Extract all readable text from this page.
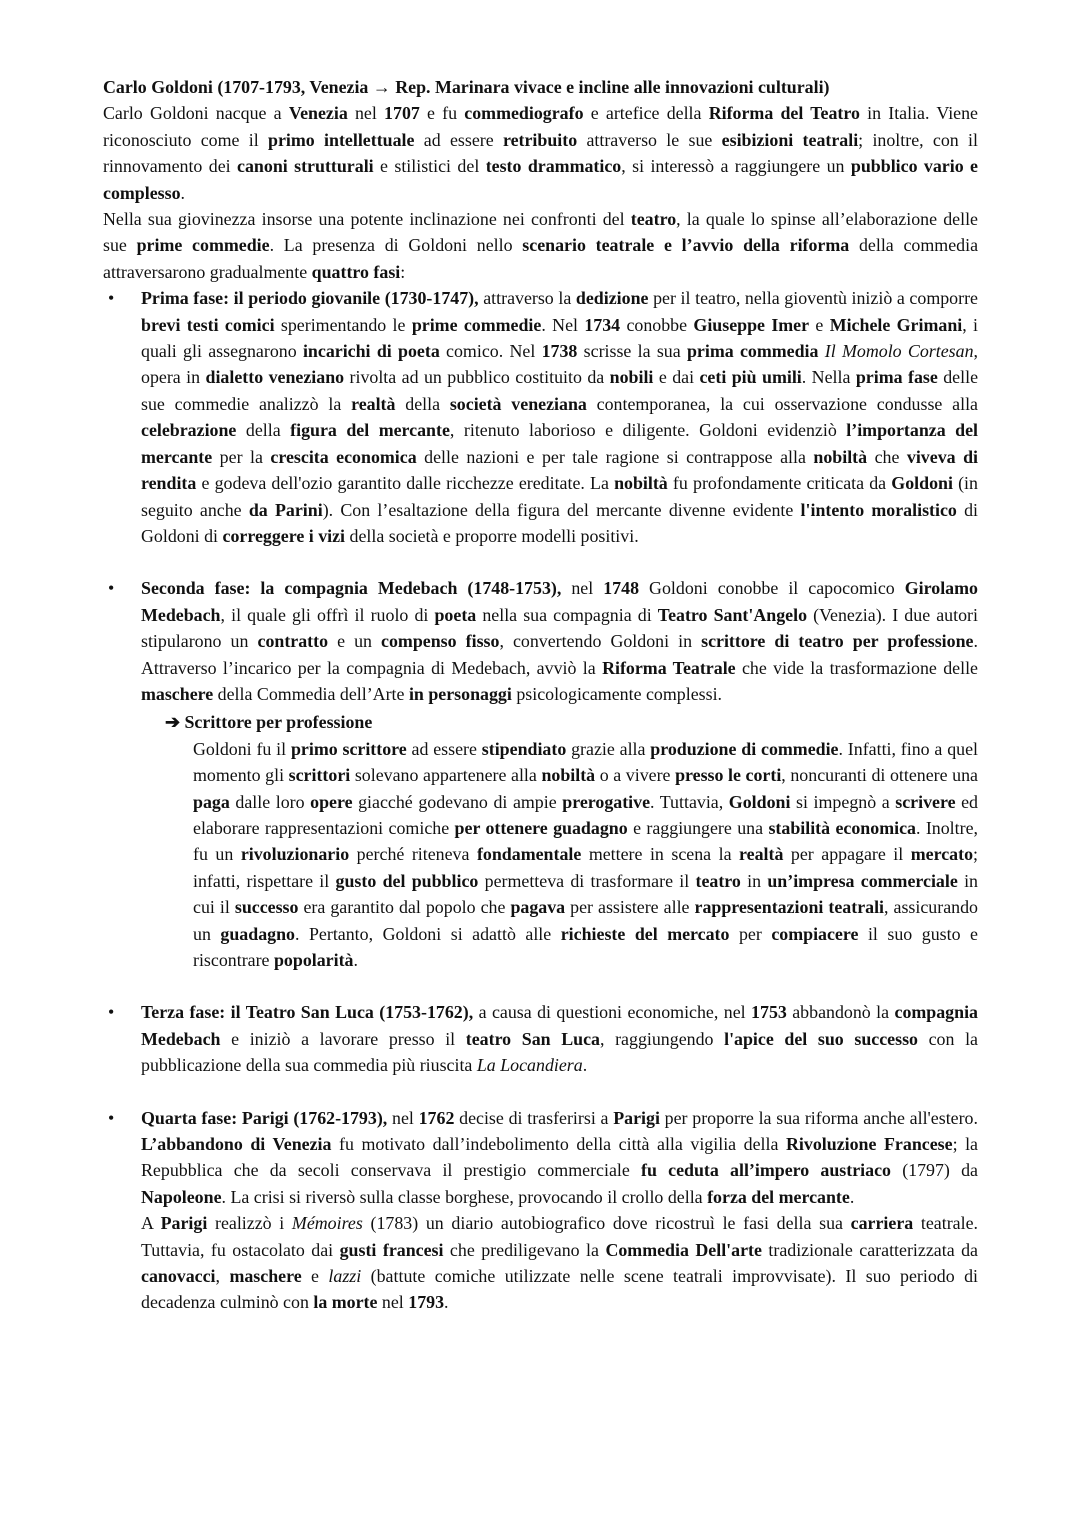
Carlo Goldoni (1707-1793, Venezia → Rep. Marinara vivace e incline alle innovazioni culturali)

Carlo Goldoni nacque a Venezia nel 1707 e fu commediografo e artefice della Riforma del Teatro in Italia. Viene riconosciuto come il primo intellettuale ad essere retribuito attraverso le sue esibizioni teatrali; inoltre, con il rinnovamento dei canoni strutturali e stilistici del testo drammatico, si interessò a raggiungere un pubblico vario e complesso.

Nella sua giovinezza insorse una potente inclinazione nei confronti del teatro, la quale lo spinse all’elaborazione delle sue prime commedie. La presenza di Goldoni nello scenario teatrale e l’avvio della riforma della commedia attraversarono gradualmente quattro fasi:

• Prima fase: il periodo giovanile (1730-1747), attraverso la dedizione per il teatro, nella gioventù iniziò a comporre brevi testi comici sperimentando le prime commedie. Nel 1734 conobbe Giuseppe Imer e Michele Grimani, i quali gli assegnarono incarichi di poeta comico. Nel 1738 scrisse la sua prima commedia Il Momolo Cortesan, opera in dialetto veneziano rivolta ad un pubblico costituito da nobili e dai ceti più umili. Nella prima fase delle sue commedie analizzò la realtà della società veneziana contemporanea, la cui osservazione condusse alla celebrazione della figura del mercante, ritenuto laborioso e diligente. Goldoni evidenziò l’importanza del mercante per la crescita economica delle nazioni e per tale ragione si contrappose alla nobiltà che viveva di rendita e godeva dell'ozio garantito dalle ricchezze ereditate. La nobiltà fu profondamente criticata da Goldoni (in seguito anche da Parini). Con l’esaltazione della figura del mercante divenne evidente l'intento moralistico di Goldoni di correggere i vizi della società e proporre modelli positivi.

• Seconda fase: la compagnia Medebach (1748-1753), nel 1748 Goldoni conobbe il capocomico Girolamo Medebach, il quale gli offrì il ruolo di poeta nella sua compagnia di Teatro Sant'Angelo (Venezia). I due autori stipularono un contratto e un compenso fisso, convertendo Goldoni in scrittore di teatro per professione. Attraverso l’incarico per la compagnia di Medebach, avviò la Riforma Teatrale che vide la trasformazione delle maschere della Commedia dell’Arte in personaggi psicologicamente complessi.

➔ Scrittore per professione

Goldoni fu il primo scrittore ad essere stipendiato grazie alla produzione di commedie. Infatti, fino a quel momento gli scrittori solevano appartenere alla nobiltà o a vivere presso le corti, noncuranti di ottenere una paga dalle loro opere giacché godevano di ampie prerogative. Tuttavia, Goldoni si impegnò a scrivere ed elaborare rappresentazioni comiche per ottenere guadagno e raggiungere una stabilità economica. Inoltre, fu un rivoluzionario perché riteneva fondamentale mettere in scena la realtà per appagare il mercato; infatti, rispettare il gusto del pubblico permetteva di trasformare il teatro in un’impresa commerciale in cui il successo era garantito dal popolo che pagava per assistere alle rappresentazioni teatrali, assicurando un guadagno. Pertanto, Goldoni si adattò alle richieste del mercato per compiacere il suo gusto e riscontrare popolarità.

• Terza fase: il Teatro San Luca (1753-1762), a causa di questioni economiche, nel 1753 abbandonò la compagnia Medebach e iniziò a lavorare presso il teatro San Luca, raggiungendo l'apice del suo successo con la pubblicazione della sua commedia più riuscita La Locandiera.

• Quarta fase: Parigi (1762-1793), nel 1762 decise di trasferirsi a Parigi per proporre la sua riforma anche all'estero. L’abbandono di Venezia fu motivato dall’indebolimento della città alla vigilia della Rivoluzione Francese; la Repubblica che da secoli conservava il prestigio commerciale fu ceduta all’impero austriaco (1797) da Napoleone. La crisi si riversò sulla classe borghese, provocando il crollo della forza del mercante.

A Parigi realizzò i Mémoires (1783) un diario autobiografico dove ricostruì le fasi della sua carriera teatrale. Tuttavia, fu ostacolato dai gusti francesi che prediligevano la Commedia Dell'arte tradizionale caratterizzata da canovacci, maschere e lazzi (battute comiche utilizzate nelle scene teatrali improvvisate). Il suo periodo di decadenza culminò con la morte nel 1793.
